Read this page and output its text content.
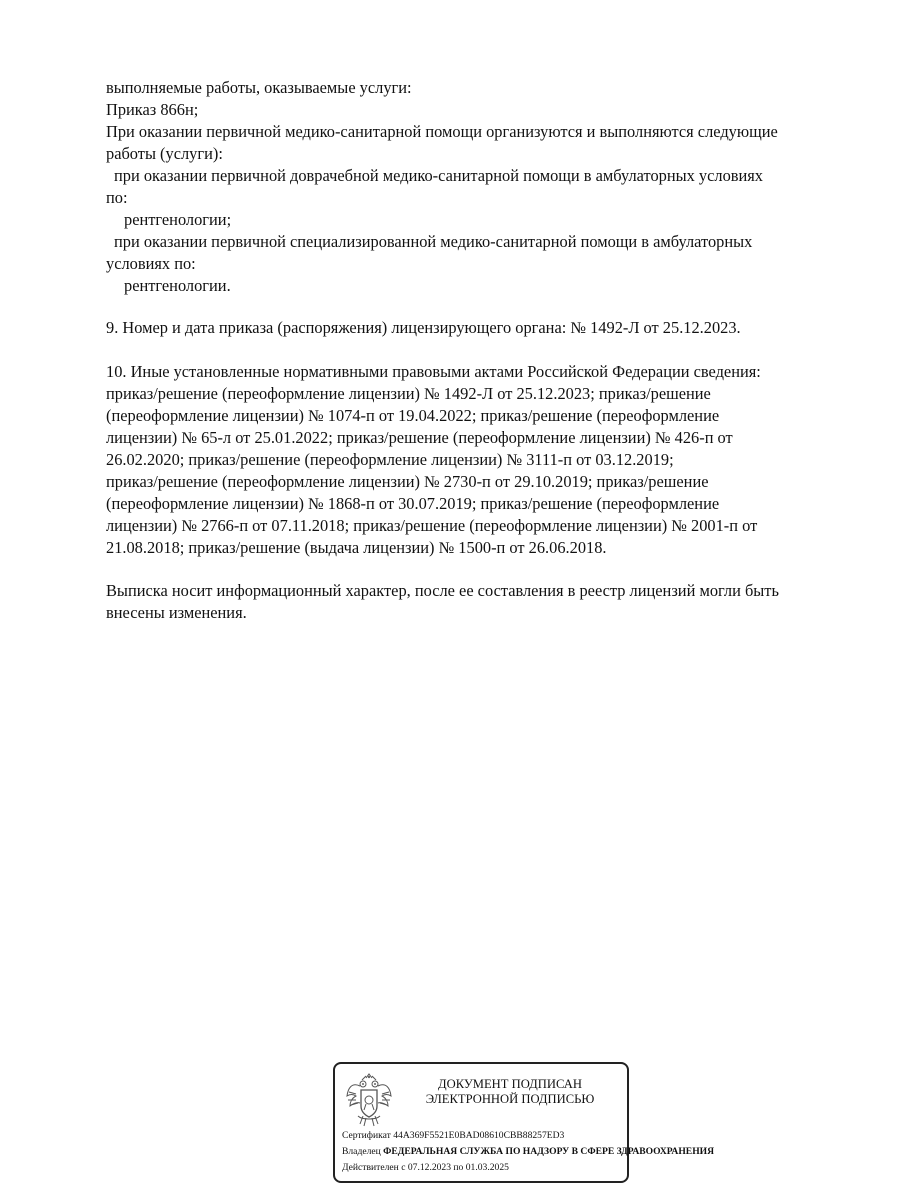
выполняемые работы, оказываемые услуги:
Приказ 866н;
При оказании первичной медико-санитарной помощи организуются и выполняются следующие
работы (услуги):
при оказании первичной доврачебной медико-санитарной помощи в амбулаторных условиях
по:
рентгенологии;
при оказании первичной специализированной медико-санитарной помощи в амбулаторных
условиях по:
рентгенологии.
9. Номер и дата приказа (распоряжения) лицензирующего органа: № 1492-Л от 25.12.2023.
10. Иные установленные нормативными правовыми актами Российской Федерации сведения:
приказ/решение (переоформление лицензии) № 1492-Л от 25.12.2023; приказ/решение
(переоформление лицензии) № 1074-п от 19.04.2022; приказ/решение (переоформление
лицензии) № 65-л от 25.01.2022; приказ/решение (переоформление лицензии) № 426-п от
26.02.2020; приказ/решение (переоформление лицензии) № 3111-п от 03.12.2019;
приказ/решение (переоформление лицензии) № 2730-п от 29.10.2019; приказ/решение
(переоформление лицензии) № 1868-п от 30.07.2019; приказ/решение (переоформление
лицензии) № 2766-п от 07.11.2018; приказ/решение (переоформление лицензии) № 2001-п от
21.08.2018; приказ/решение (выдача лицензии) № 1500-п от 26.06.2018.
Выписка носит информационный характер, после ее составления в реестр лицензий могли быть
внесены изменения.
ДОКУМЕНТ ПОДПИСАН
ЭЛЕКТРОННОЙ ПОДПИСЬЮ
Сертификат 44A369F5521E0BAD08610CBB88257ED3
Владелец ФЕДЕРАЛЬНАЯ СЛУЖБА ПО НАДЗОРУ В СФЕРЕ ЗДРАВООХРАНЕНИЯ
Действителен с 07.12.2023 по 01.03.2025
